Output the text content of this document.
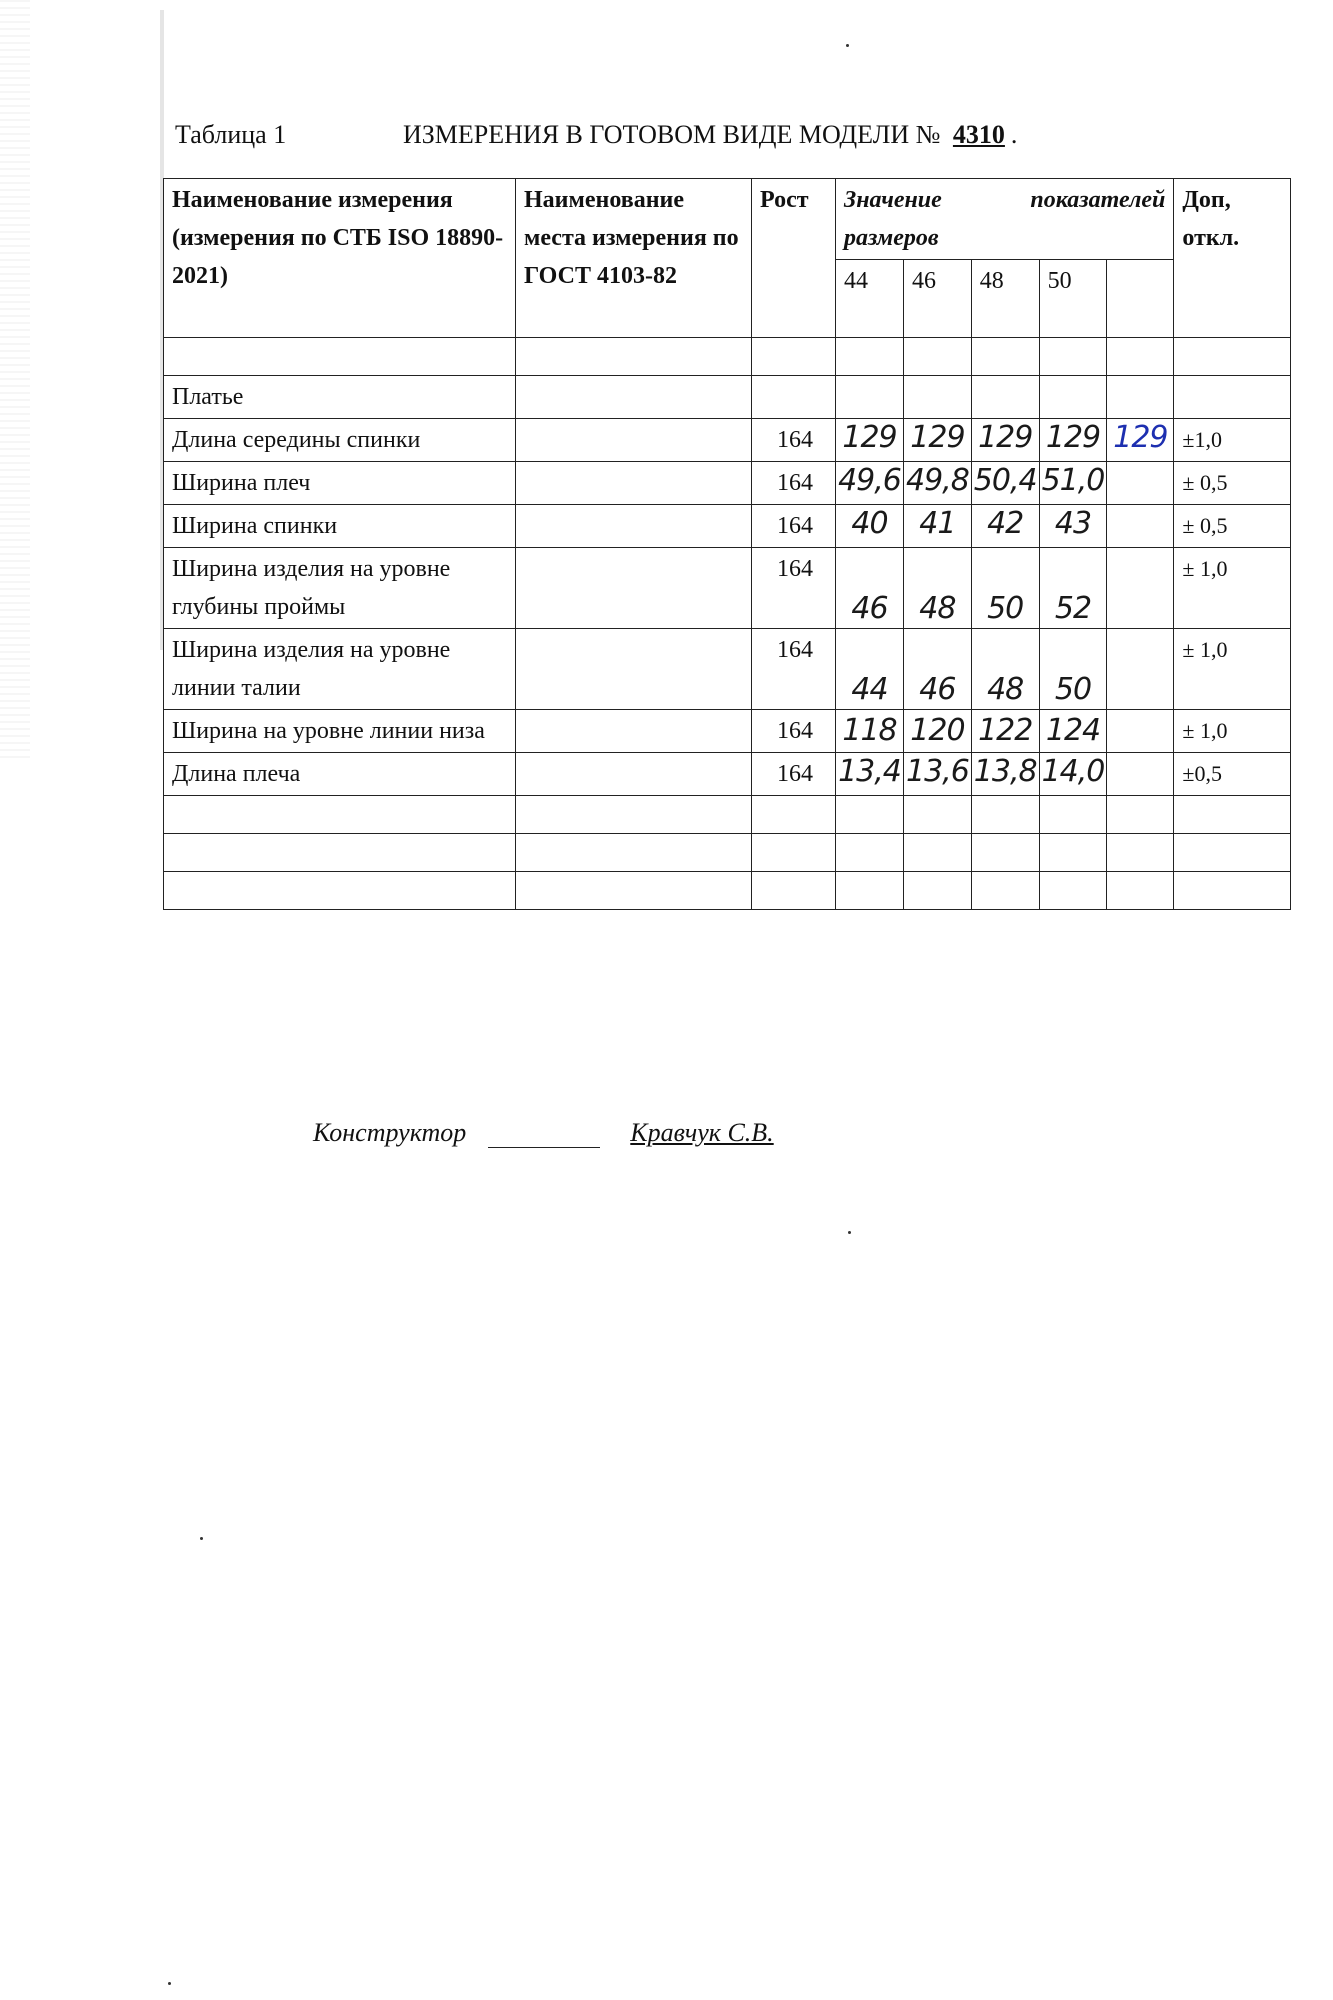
Таблица 1	ИЗМЕРЕНИЯ В ГОТОВОМ ВИДЕ МОДЕЛИ № 4310 .
Наименование измерения (измерения по СТБ ISO 18890-2021)	Наименование места измерения по ГОСТ 4103-82	Рост	Значение показателей размеров					Доп, откл.
			44	46	48	50		

Платье								
Длина середины спинки		164	129	129	129	129	129	±1,0
Ширина плеч		164	49,6	49,8	50,4	51,0		± 0,5
Ширина спинки		164	40	41	42	43		± 0,5
Ширина изделия на уровне глубины проймы		164	46	48	50	52		± 1,0
Ширина изделия на уровне линии талии		164	44	46	48	50		± 1,0
Ширина на уровне линии низа		164	118	120	122	124		± 1,0
Длина плеча		164	13,4	13,6	13,8	14,0		±0,5

Конструктор	Кравчук С.В.
